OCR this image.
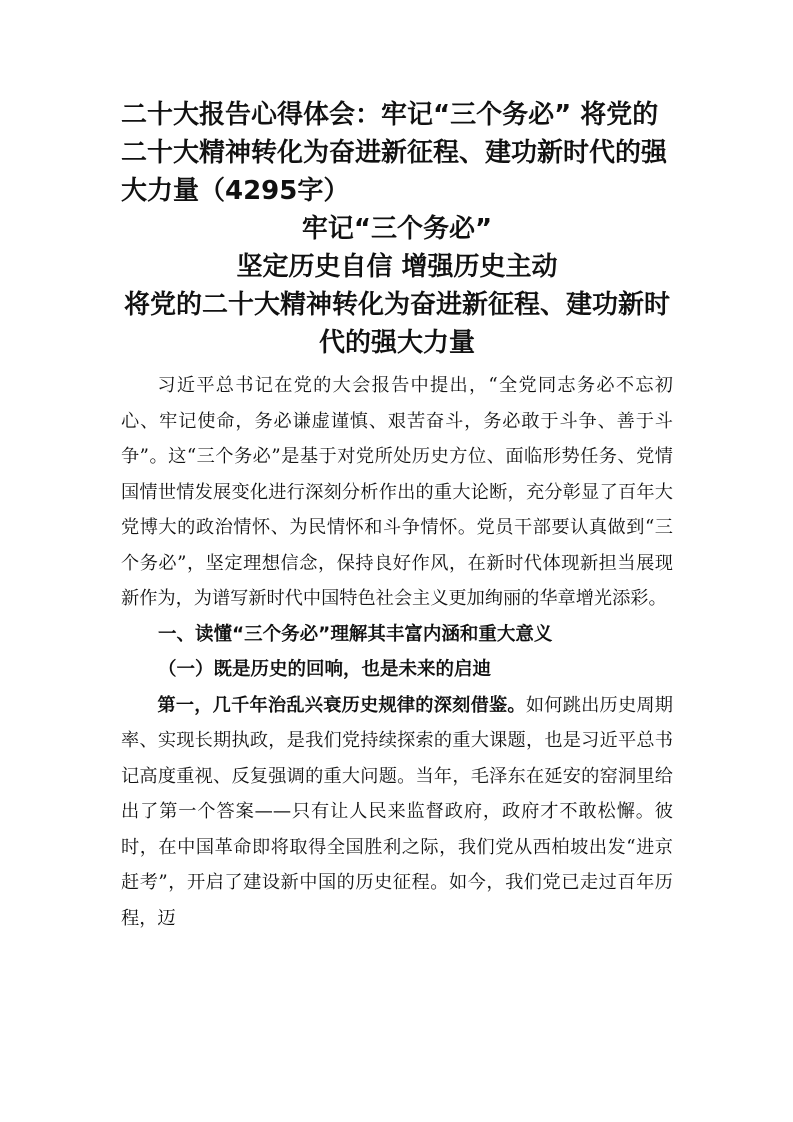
二十大报告心得体会：牢记“三个务必” 将党的二十大精神转化为奋进新征程、建功新时代的强大力量（4295字）
牢记“三个务必”
坚定历史自信 增强历史主动
将党的二十大精神转化为奋进新征程、建功新时代的强大力量

习近平总书记在党的大会报告中提出，“全党同志务必不忘初心、牢记使命，务必谦虚谨慎、艰苦奋斗，务必敢于斗争、善于斗争”。这“三个务必”是基于对党所处历史方位、面临形势任务、党情国情世情发展变化进行深刻分析作出的重大论断，充分彰显了百年大党博大的政治情怀、为民情怀和斗争情怀。党员干部要认真做到“三个务必”，坚定理想信念，保持良好作风，在新时代体现新担当展现新作为，为谱写新时代中国特色社会主义更加绚丽的华章增光添彩。

一、读懂“三个务必”理解其丰富内涵和重大意义

（一）既是历史的回响，也是未来的启迪

第一，几千年治乱兴衰历史规律的深刻借鉴。如何跳出历史周期率、实现长期执政，是我们党持续探索的重大课题，也是习近平总书记高度重视、反复强调的重大问题。当年，毛泽东在延安的窑洞里给出了第一个答案——只有让人民来监督政府，政府才不敢松懈。彼时，在中国革命即将取得全国胜利之际，我们党从西柏坡出发“进京赶考”，开启了建设新中国的历史征程。如今，我们党已走过百年历程，迈
